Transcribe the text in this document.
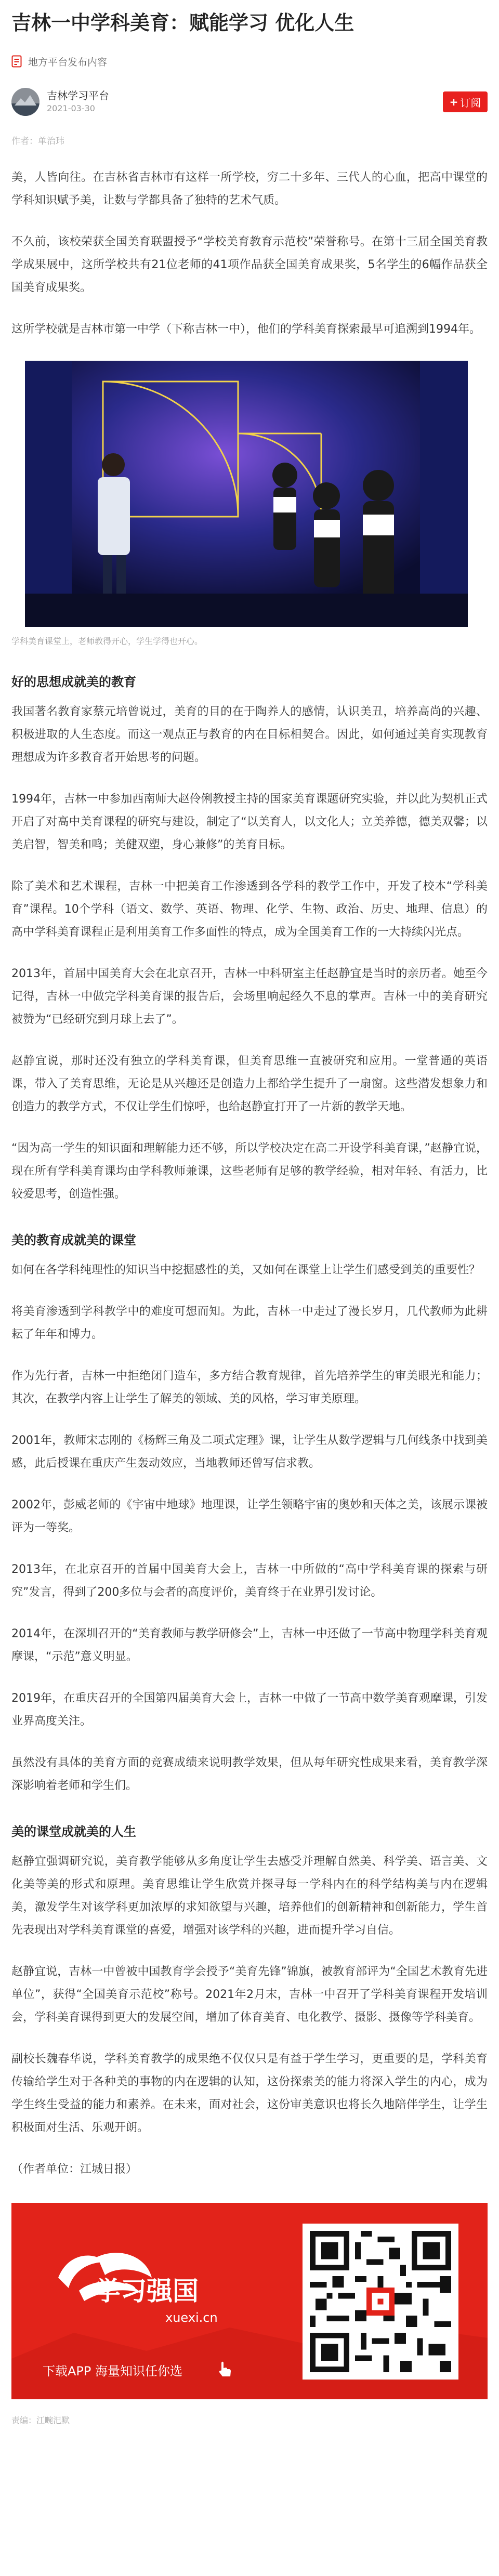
吉林一中学科美育：赋能学习 优化人生
地方平台发布内容
吉林学习平台
2021-03-30
+ 订阅
作者：单治玮

美，人皆向往。在吉林省吉林市有这样一所学校，穷二十多年、三代人的心血，把高中课堂的学科知识赋予美，让数与学都具备了独特的艺术气质。

不久前，该校荣获全国美育联盟授予“学校美育教育示范校”荣誉称号。在第十三届全国美育教学成果展中，这所学校共有21位老师的41项作品获全国美育成果奖，5名学生的6幅作品获全国美育成果奖。

这所学校就是吉林市第一中学（下称吉林一中），他们的学科美育探索最早可追溯到1994年。

学科美育课堂上，老师教得开心，学生学得也开心。
好的思想成就美的教育

我国著名教育家蔡元培曾说过，美育的目的在于陶养人的感情，认识美丑，培养高尚的兴趣、积极进取的人生态度。而这一观点正与教育的内在目标相契合。因此，如何通过美育实现教育理想成为许多教育者开始思考的问题。

1994年，吉林一中参加西南师大赵伶俐教授主持的国家美育课题研究实验，并以此为契机正式开启了对高中美育课程的研究与建设，制定了“以美育人，以文化人；立美养德，德美双馨；以美启智，智美和鸣；美健双塑，身心兼修”的美育目标。

除了美术和艺术课程，吉林一中把美育工作渗透到各学科的教学工作中，开发了校本“学科美育”课程。10个学科（语文、数学、英语、物理、化学、生物、政治、历史、地理、信息）的高中学科美育课程正是利用美育工作多面性的特点，成为全国美育工作的一大持续闪光点。

2013年，首届中国美育大会在北京召开，吉林一中科研室主任赵静宜是当时的亲历者。她至今记得，吉林一中做完学科美育课的报告后，会场里响起经久不息的掌声。吉林一中的美育研究被赞为“已经研究到月球上去了”。

赵静宜说，那时还没有独立的学科美育课，但美育思维一直被研究和应用。一堂普通的英语课，带入了美育思维，无论是从兴趣还是创造力上都给学生提升了一扇窗。这些潜发想象力和创造力的教学方式，不仅让学生们惊呼，也给赵静宜打开了一片新的教学天地。

“因为高一学生的知识面和理解能力还不够，所以学校决定在高二开设学科美育课，”赵静宜说，现在所有学科美育课均由学科教师兼课，这些老师有足够的教学经验，相对年轻、有活力，比较爱思考，创造性强。

美的教育成就美的课堂

如何在各学科纯理性的知识当中挖掘感性的美，又如何在课堂上让学生们感受到美的重要性？

将美育渗透到学科教学中的难度可想而知。为此，吉林一中走过了漫长岁月，几代教师为此耕耘了年年和博力。

作为先行者，吉林一中拒绝闭门造车，多方结合教育规律，首先培养学生的审美眼光和能力；其次，在教学内容上让学生了解美的领域、美的风格，学习审美原理。

2001年，教师宋志刚的《杨辉三角及二项式定理》课，让学生从数学逻辑与几何线条中找到美感，此后授课在重庆产生轰动效应，当地教师还曾写信求教。

2002年，彭威老师的《宇宙中地球》地理课，让学生领略宇宙的奥妙和天体之美，该展示课被评为一等奖。

2013年，在北京召开的首届中国美育大会上，吉林一中所做的“高中学科美育课的探索与研究”发言，得到了200多位与会者的高度评价，美育终于在业界引发讨论。

2014年，在深圳召开的“美育教师与教学研修会”上，吉林一中还做了一节高中物理学科美育观摩课，“示范”意义明显。

2019年，在重庆召开的全国第四届美育大会上，吉林一中做了一节高中数学美育观摩课，引发业界高度关注。

虽然没有具体的美育方面的竞赛成绩来说明教学效果，但从每年研究性成果来看，美育教学深深影响着老师和学生们。

美的课堂成就美的人生

赵静宜强调研究说，美育教学能够从多角度让学生去感受并理解自然美、科学美、语言美、文化美等美的形式和原理。美育思维让学生欣赏并探寻每一学科内在的科学结构美与内在逻辑美，激发学生对该学科更加浓厚的求知欲望与兴趣，培养他们的创新精神和创新能力，学生首先表现出对学科美育课堂的喜爱，增强对该学科的兴趣，进而提升学习自信。

赵静宜说，吉林一中曾被中国教育学会授予“美育先锋”锦旗，被教育部评为“全国艺术教育先进单位”，获得“全国美育示范校”称号。2021年2月末，吉林一中召开了学科美育课程开发培训会，学科美育课得到更大的发展空间，增加了体育美育、电化教学、摄影、摄像等学科美育。

副校长魏春华说，学科美育教学的成果绝不仅仅只是有益于学生学习，更重要的是，学科美育传输给学生对于各种美的事物的内在逻辑的认知，这份探索美的能力将深入学生的内心，成为学生终生受益的能力和素养。在未来，面对社会，这份审美意识也将长久地陪伴学生，让学生积极面对生活、乐观开朗。

（作者单位：江城日报）

学习强国
xuexi.cn
下载APP 海量知识任你选
责编：江畹汜默
